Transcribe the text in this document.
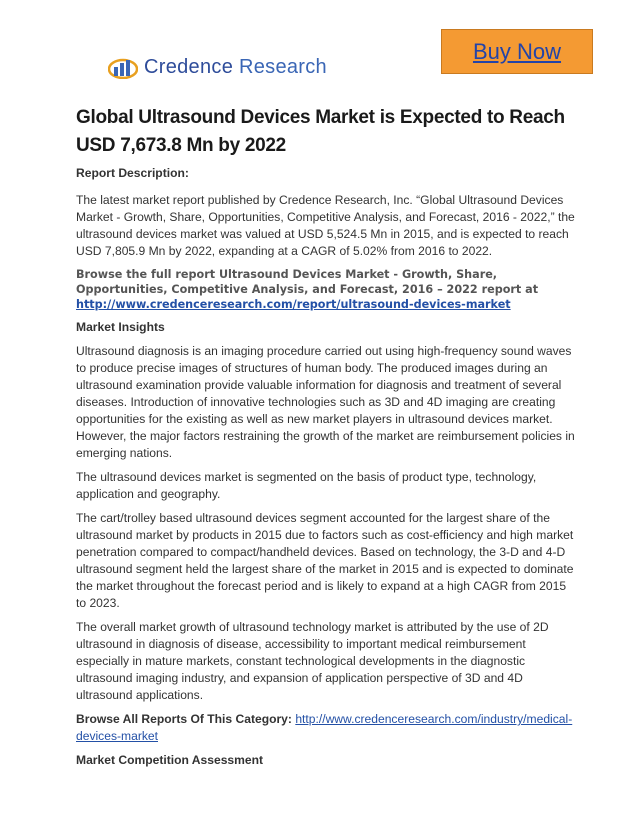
Buy Now
Credence Research
Global Ultrasound Devices Market is Expected to Reach USD 7,673.8 Mn by 2022
Report Description:

The latest market report published by Credence Research, Inc. “Global Ultrasound Devices Market - Growth, Share, Opportunities, Competitive Analysis, and Forecast, 2016 - 2022,” the ultrasound devices market was valued at USD 5,524.5 Mn in 2015, and is expected to reach USD 7,805.9 Mn by 2022, expanding at a CAGR of 5.02% from 2016 to 2022.

Browse the full report Ultrasound Devices Market - Growth, Share, Opportunities, Competitive Analysis, and Forecast, 2016 – 2022 report at http://www.credenceresearch.com/report/ultrasound-devices-market
Market Insights

Ultrasound diagnosis is an imaging procedure carried out using high-frequency sound waves to produce precise images of structures of human body. The produced images during an ultrasound examination provide valuable information for diagnosis and treatment of several diseases. Introduction of innovative technologies such as 3D and 4D imaging are creating opportunities for the existing as well as new market players in ultrasound devices market. However, the major factors restraining the growth of the market are reimbursement policies in emerging nations.

The ultrasound devices market is segmented on the basis of product type, technology, application and geography.

The cart/trolley based ultrasound devices segment accounted for the largest share of the ultrasound market by products in 2015 due to factors such as cost-efficiency and high market penetration compared to compact/handheld devices. Based on technology, the 3-D and 4-D ultrasound segment held the largest share of the market in 2015 and is expected to dominate the market throughout the forecast period and is likely to expand at a high CAGR from 2015 to 2023.

The overall market growth of ultrasound technology market is attributed by the use of 2D ultrasound in diagnosis of disease, accessibility to important medical reimbursement especially in mature markets, constant technological developments in the diagnostic ultrasound imaging industry, and expansion of application perspective of 3D and 4D ultrasound applications.

Browse All Reports Of This Category: http://www.credenceresearch.com/industry/medical-devices-market

Market Competition Assessment
